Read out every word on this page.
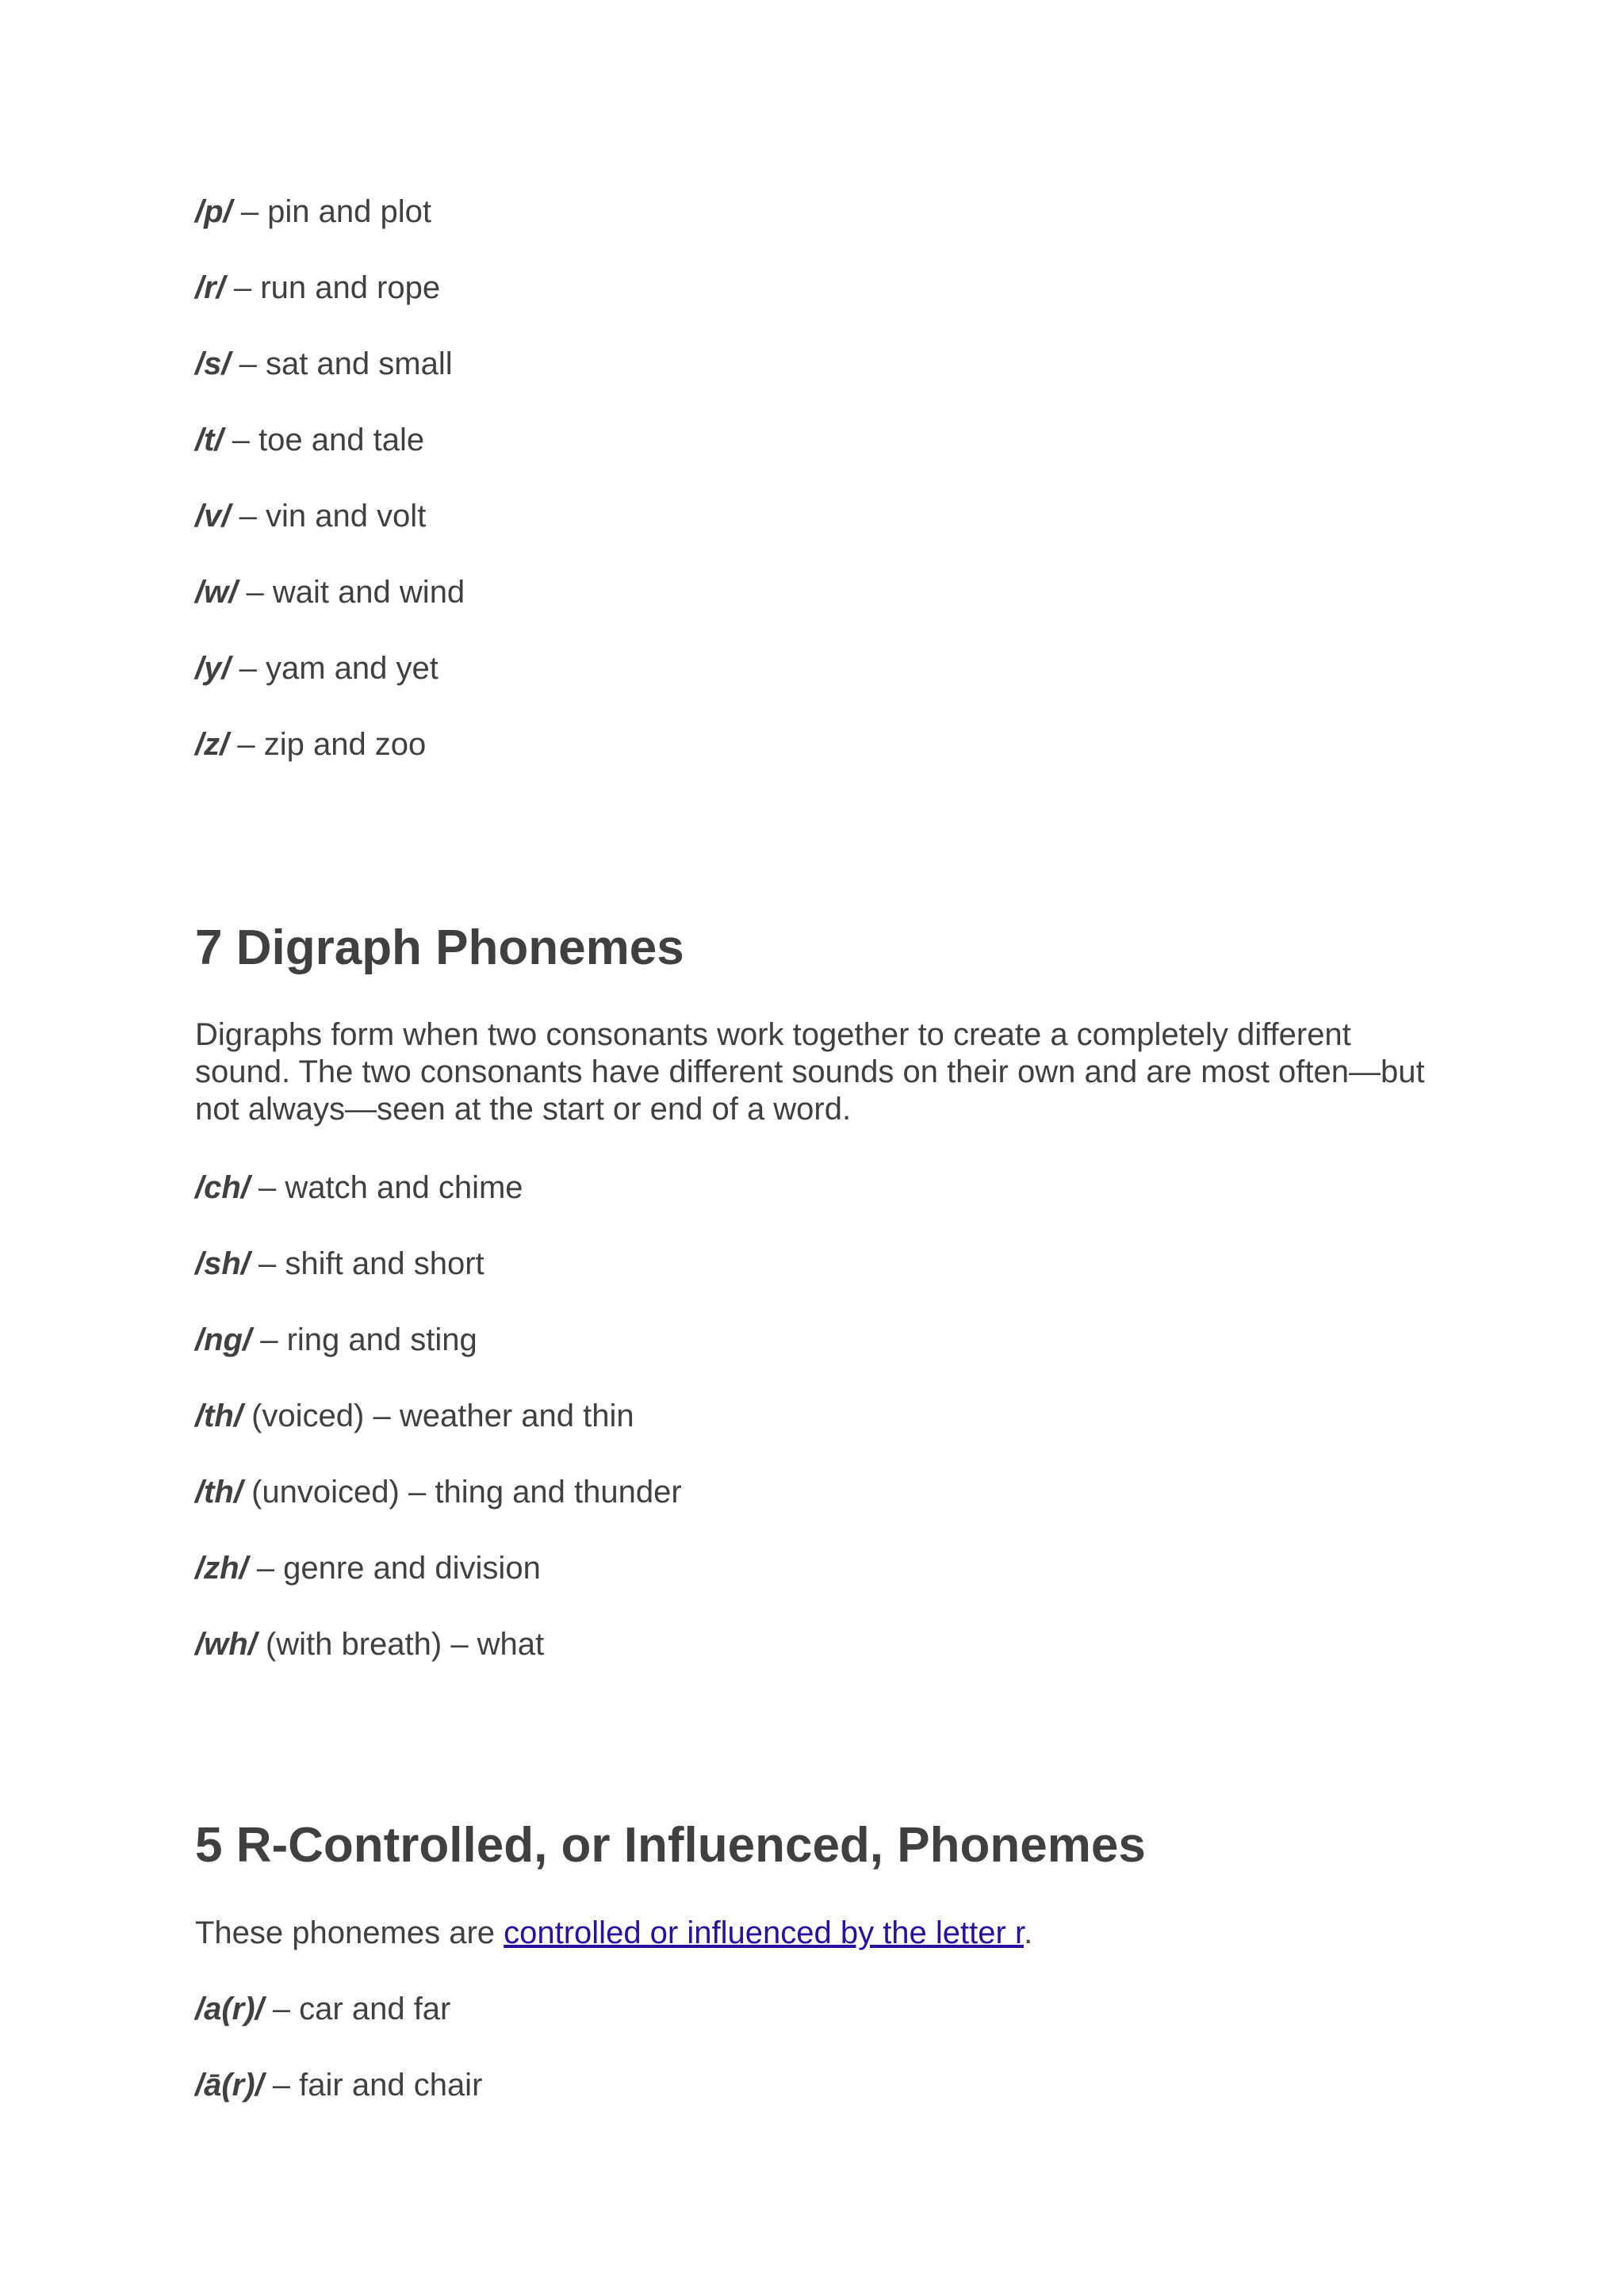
/p/ – pin and plot
/r/ – run and rope
/s/ – sat and small
/t/ – toe and tale
/v/ – vin and volt
/w/ – wait and wind
/y/ – yam and yet
/z/ – zip and zoo
7 Digraph Phonemes
Digraphs form when two consonants work together to create a completely different sound. The two consonants have different sounds on their own and are most often—but not always—seen at the start or end of a word.
/ch/ – watch and chime
/sh/ – shift and short
/ng/ – ring and sting
/th/ (voiced) – weather and thin
/th/ (unvoiced) – thing and thunder
/zh/ – genre and division
/wh/ (with breath) – what
5 R-Controlled, or Influenced, Phonemes
These phonemes are controlled or influenced by the letter r.
/a(r)/ – car and far
/ā(r)/ – fair and chair
